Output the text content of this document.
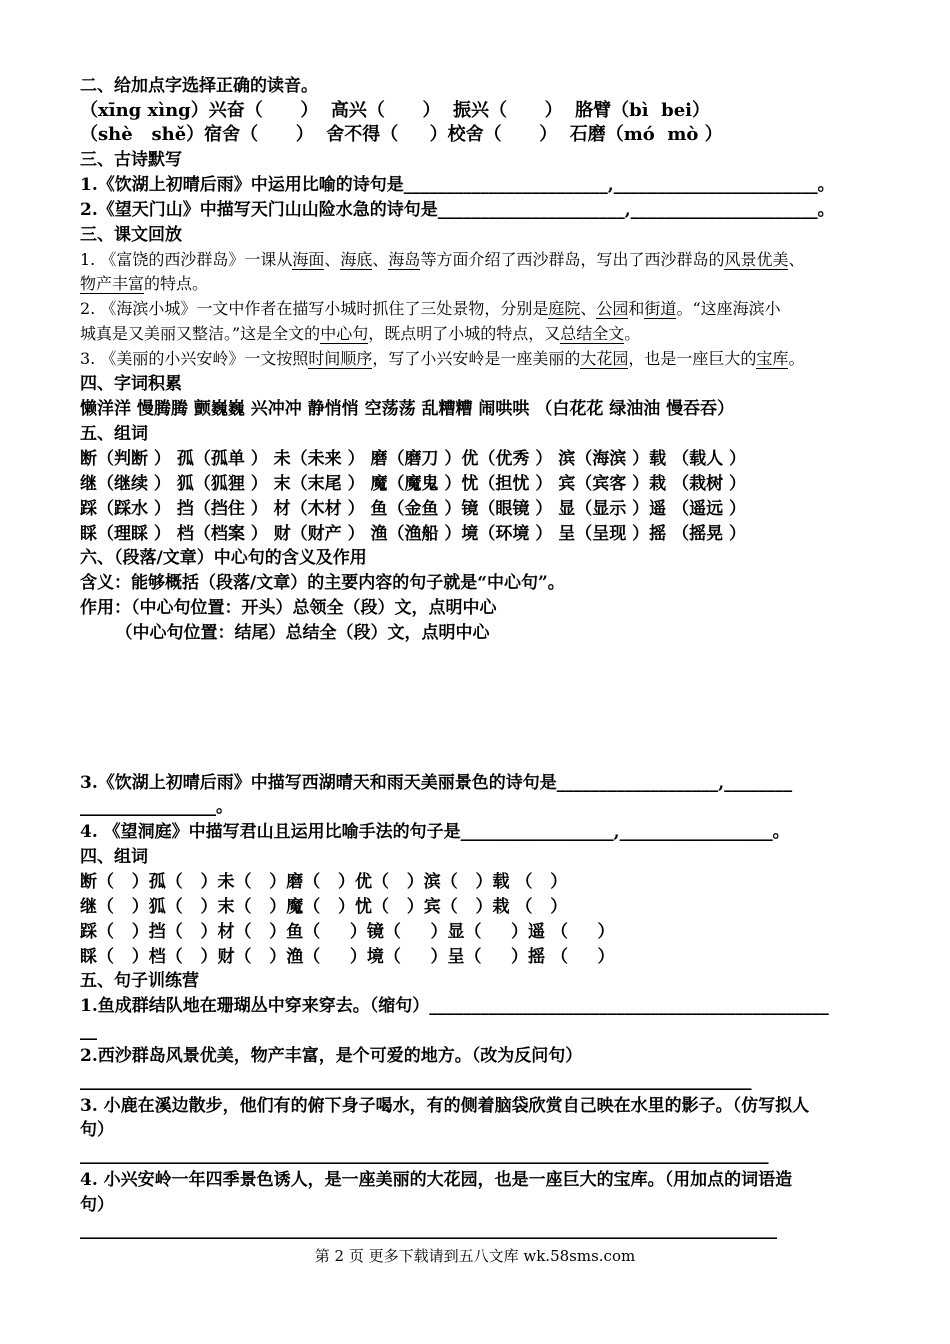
二、给加点字选择正确的读音。
（xīng xìng）兴奋（      ）  高兴（      ）  振兴（      ）  胳臂（bì  bei）
（shè   shě）宿舍（      ）  舍不得（     ）校舍（      ）  石磨（mó  mò ）
三、古诗默写
1.《饮湖上初晴后雨》中运用比喻的诗句是________________________,________________________。
2.《望天门山》中描写天门山山险水急的诗句是______________________,______________________。
三、课文回放
1. 《富饶的西沙群岛》一课从海面、海底、海岛等方面介绍了西沙群岛，写出了西沙群岛的风景优美、
物产丰富的特点。
2. 《海滨小城》一文中作者在描写小城时抓住了三处景物，分别是庭院、公园和街道。“这座海滨小
城真是又美丽又整洁。”这是全文的中心句，既点明了小城的特点，又总结全文。
3. 《美丽的小兴安岭》一文按照时间顺序，写了小兴安岭是一座美丽的大花园，也是一座巨大的宝库。
四、字词积累
懒洋洋 慢腾腾 颤巍巍 兴冲冲 静悄悄 空荡荡 乱糟糟 闹哄哄 （白花花 绿油油 慢吞吞）
五、组词
断（判断 ） 孤（孤单 ） 未（未来 ） 磨（磨刀 ）优（优秀 ） 滨（海滨 ）载 （载人 ）
继（继续 ） 狐（狐狸 ） 末（末尾 ） 魔（魔鬼 ）忧（担忧 ） 宾（宾客 ）栽 （栽树 ）
踩（踩水 ） 挡（挡住 ） 材（木材 ） 鱼（金鱼 ）镜（眼镜 ） 显（显示 ）遥 （遥远 ）
睬（理睬 ） 档（档案 ） 财（财产 ） 渔（渔船 ）境（环境 ） 呈（呈现 ）摇 （摇晃 ）
六、（段落/文章）中心句的含义及作用
含义：能够概括（段落/文章）的主要内容的句子就是“中心句”。
作用：（中心句位置：开头）总领全（段）文，点明中心
（中心句位置：结尾）总结全（段）文，点明中心
3.《饮湖上初晴后雨》中描写西湖晴天和雨天美丽景色的诗句是___________________,________
________________。
4. 《望洞庭》中描写君山且运用比喻手法的句子是__________________,__________________。
四、组词
断（   ）孤（   ）未（   ）磨（   ）优（   ）滨（   ）载 （   ）
继（   ）狐（   ）末（   ）魔（   ）忧（   ）宾（   ）栽 （   ）
踩（   ）挡（   ）材（   ）鱼（     ）镜（     ）显（     ）遥 （     ）
睬（   ）档（   ）财（   ）渔（     ）境（     ）呈（     ）摇 （     ）
五、句子训练营
1.鱼成群结队地在珊瑚丛中穿来穿去。（缩句）_______________________________________________
__
2.西沙群岛风景优美，物产丰富，是个可爱的地方。（改为反问句）
_______________________________________________________________________________
3. 小鹿在溪边散步，他们有的俯下身子喝水，有的侧着脑袋欣赏自己映在水里的影子。（仿写拟人
句）
_________________________________________________________________________________
4. 小兴安岭一年四季景色诱人，是一座美丽的大花园，也是一座巨大的宝库。（用加点的词语造
句）
__________________________________________________________________________________
第 2 页 更多下载请到五八文库 wk.58sms.com
